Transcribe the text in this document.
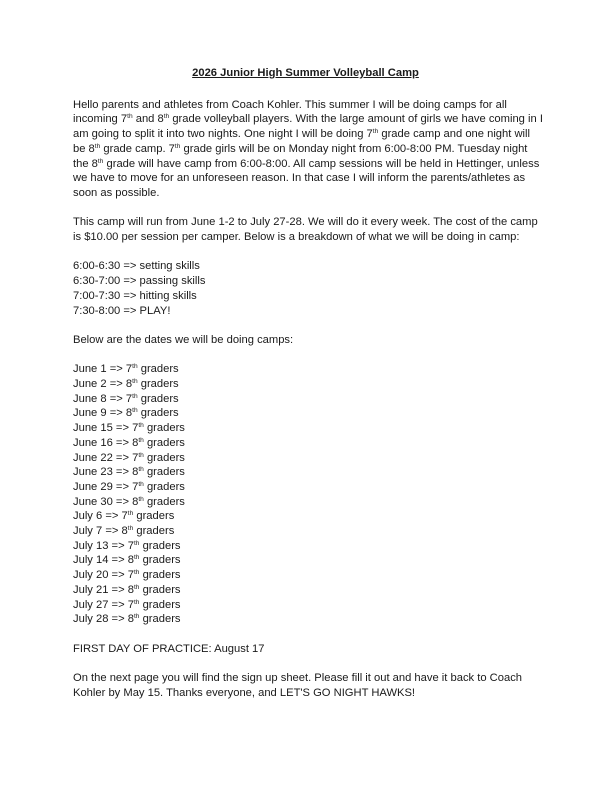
2026 Junior High Summer Volleyball Camp

Hello parents and athletes from Coach Kohler. This summer I will be doing camps for all incoming 7th and 8th grade volleyball players. With the large amount of girls we have coming in I am going to split it into two nights. One night I will be doing 7th grade camp and one night will be 8th grade camp. 7th grade girls will be on Monday night from 6:00-8:00 PM. Tuesday night the 8th grade will have camp from 6:00-8:00. All camp sessions will be held in Hettinger, unless we have to move for an unforeseen reason. In that case I will inform the parents/athletes as soon as possible.

This camp will run from June 1-2 to July 27-28. We will do it every week. The cost of the camp is $10.00 per session per camper. Below is a breakdown of what we will be doing in camp:

6:00-6:30 => setting skills
6:30-7:00 => passing skills
7:00-7:30 => hitting skills
7:30-8:00 => PLAY!

Below are the dates we will be doing camps:

June 1 => 7th graders
June 2 => 8th graders
June 8 => 7th graders
June 9 => 8th graders
June 15 => 7th graders
June 16 => 8th graders
June 22 => 7th graders
June 23 => 8th graders
June 29 => 7th graders
June 30 => 8th graders
July 6 => 7th graders
July 7 => 8th graders
July 13 => 7th graders
July 14 => 8th graders
July 20 => 7th graders
July 21 => 8th graders
July 27 => 7th graders
July 28 => 8th graders

FIRST DAY OF PRACTICE: August 17

On the next page you will find the sign up sheet. Please fill it out and have it back to Coach Kohler by May 15. Thanks everyone, and LET'S GO NIGHT HAWKS!
